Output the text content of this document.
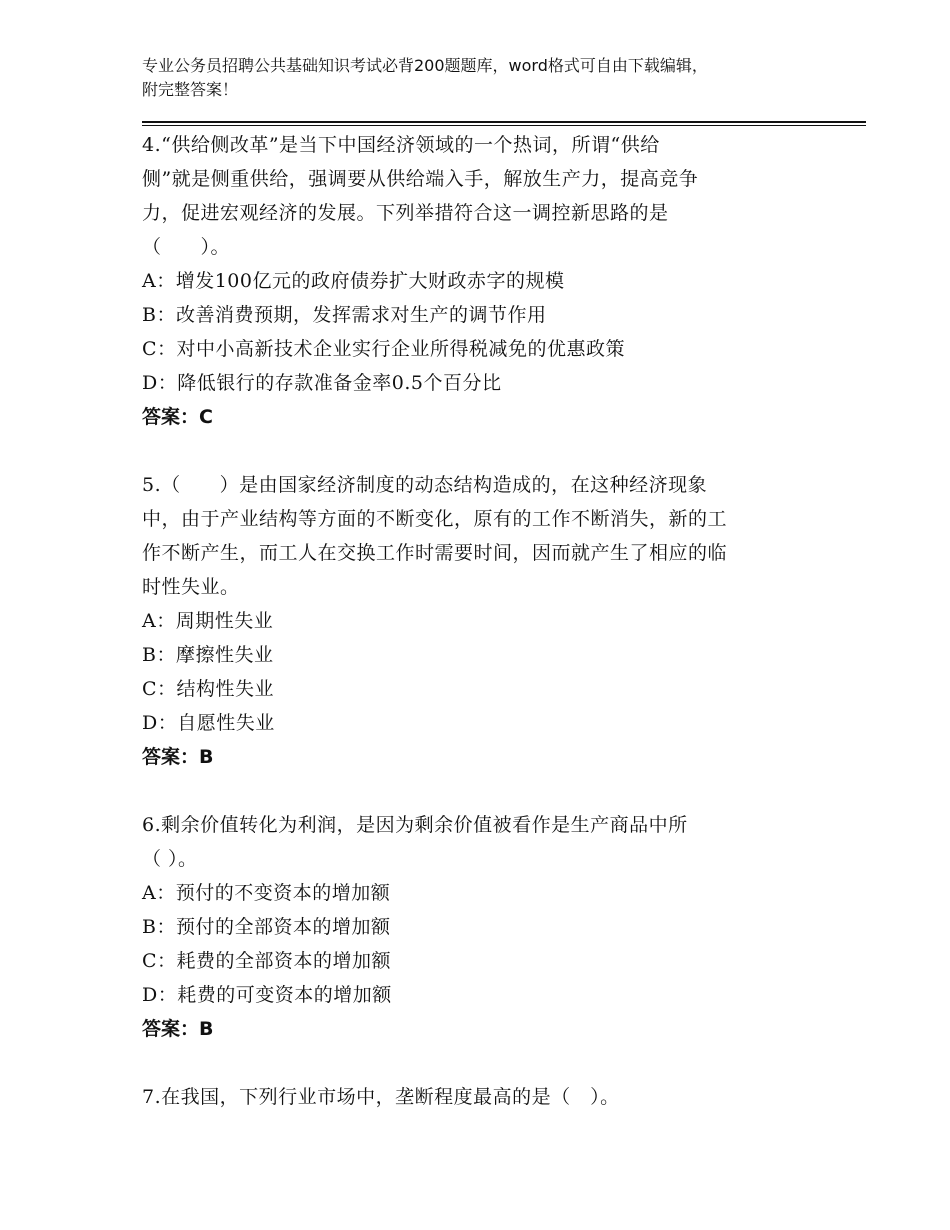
专业公务员招聘公共基础知识考试必背200题题库，word格式可自由下载编辑，
附完整答案！

4.“供给侧改革”是当下中国经济领域的一个热词，所谓“供给

侧”就是侧重供给，强调要从供给端入手，解放生产力，提高竞争

力，促进宏观经济的发展。下列举措符合这一调控新思路的是

（　　）。

A：增发100亿元的政府债券扩大财政赤字的规模

B：改善消费预期，发挥需求对生产的调节作用

C：对中小高新技术企业实行企业所得税减免的优惠政策

D：降低银行的存款准备金率0.5个百分比

答案：C

5.（　　）是由国家经济制度的动态结构造成的，在这种经济现象

中，由于产业结构等方面的不断变化，原有的工作不断消失，新的工

作不断产生，而工人在交换工作时需要时间，因而就产生了相应的临

时性失业。

A：周期性失业

B：摩擦性失业

C：结构性失业

D：自愿性失业

答案：B

6.剩余价值转化为利润，是因为剩余价值被看作是生产商品中所

（ ）。

A：预付的不变资本的增加额

B：预付的全部资本的增加额

C：耗费的全部资本的增加额

D：耗费的可变资本的增加额

答案：B

7.在我国，下列行业市场中，垄断程度最高的是（　）。
